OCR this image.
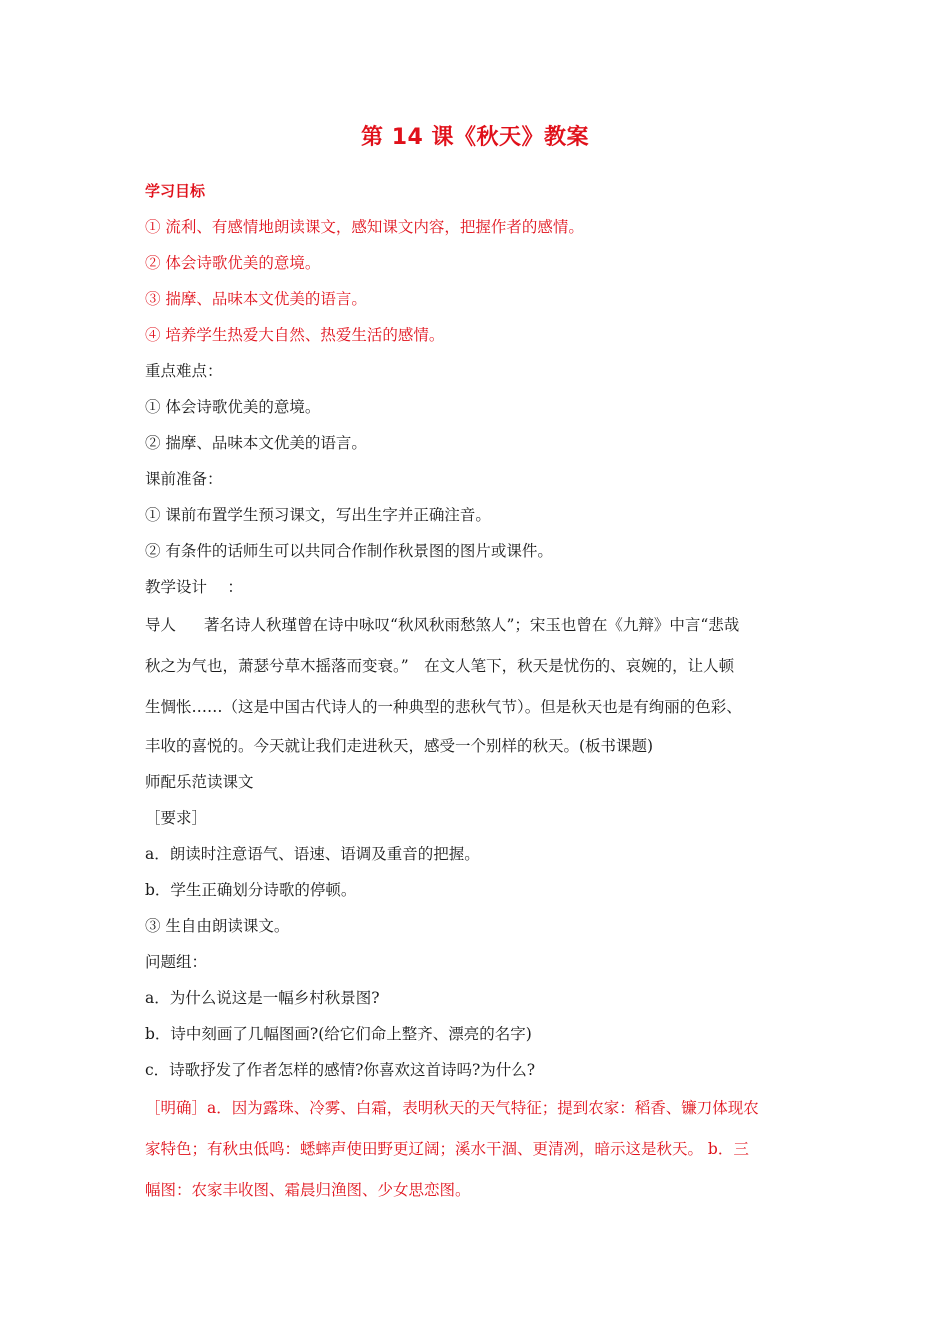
第 14 课《秋天》教案
学习目标
① 流利、有感情地朗读课文，感知课文内容，把握作者的感情。
② 体会诗歌优美的意境。
③ 揣摩、品味本文优美的语言。
④ 培养学生热爱大自然、热爱生活的感情。
重点难点：
① 体会诗歌优美的意境。
② 揣摩、品味本文优美的语言。
课前准备：
① 课前布置学生预习课文，写出生字并正确注音。
② 有条件的话师生可以共同合作制作秋景图的图片或课件。
教学设计　 ：
导人 著名诗人秋瑾曾在诗中咏叹“秋风秋雨愁煞人”；宋玉也曾在《九辩》中言“悲哉
秋之为气也，萧瑟兮草木摇落而变衰。”　在文人笔下，秋天是忧伤的、哀婉的，让人顿
生惆怅……（这是中国古代诗人的一种典型的悲秋气节）。但是秋天也是有绚丽的色彩、
丰收的喜悦的。今天就让我们走进秋天，感受一个别样的秋天。(板书课题)
师配乐范读课文
［要求］
a．朗读时注意语气、语速、语调及重音的把握。
b．学生正确划分诗歌的停顿。
③ 生自由朗读课文。
问题组：
a．为什么说这是一幅乡村秋景图?
b．诗中刻画了几幅图画?(给它们命上整齐、漂亮的名字)
c．诗歌抒发了作者怎样的感情?你喜欢这首诗吗?为什么?
［明确］a．因为露珠、冷雾、白霜，表明秋天的天气特征；提到农家：稻香、镰刀体现农
家特色；有秋虫低鸣：蟋蟀声使田野更辽阔；溪水干涸、更清冽，暗示这是秋天。 b．三
幅图：农家丰收图、霜晨归渔图、少女思恋图。
